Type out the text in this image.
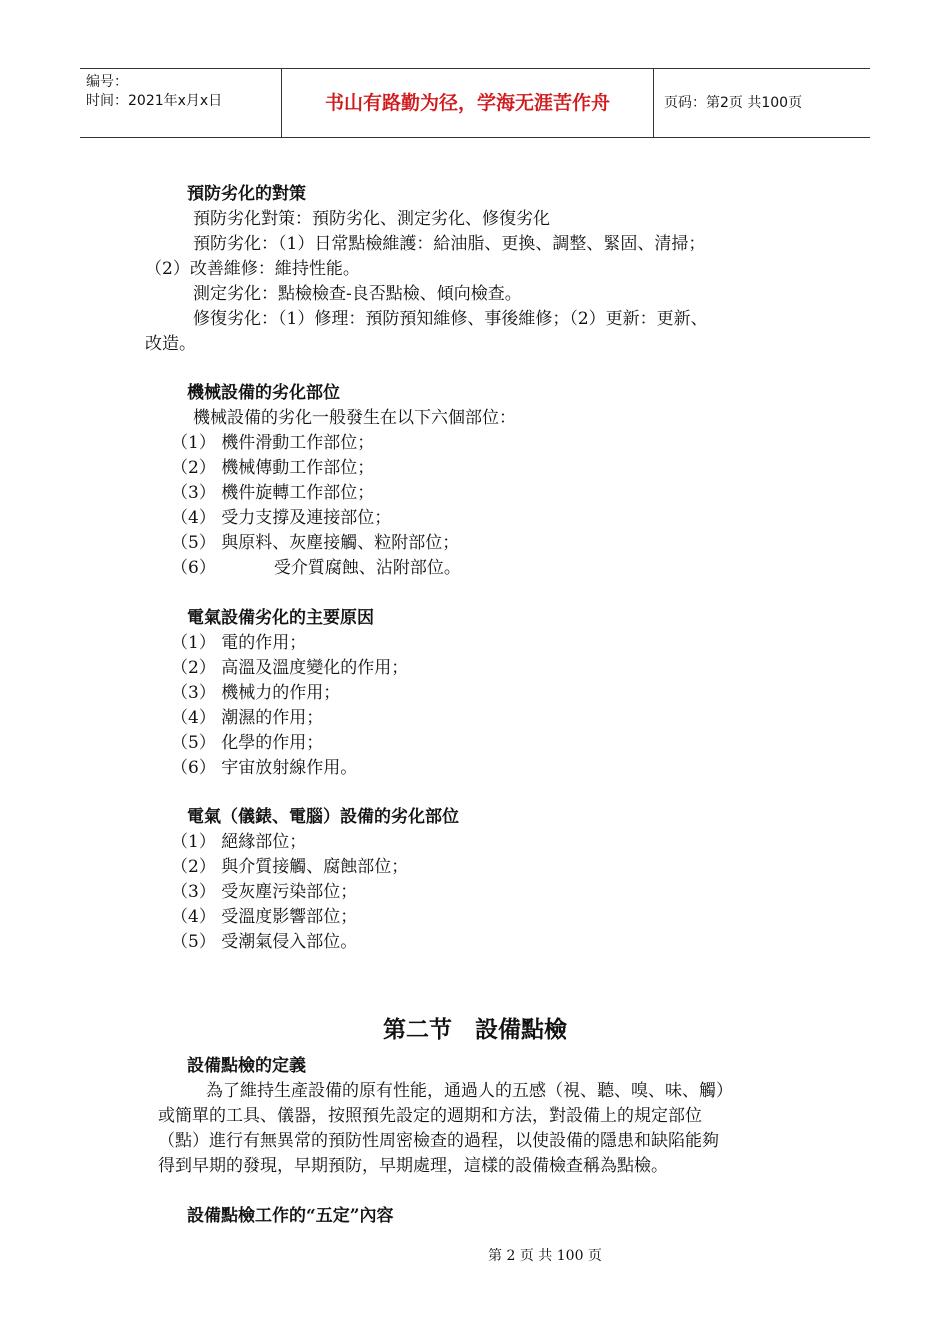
编号：
时间：2021年x月x日	书山有路勤为径，学海无涯苦作舟	页码：第2页 共100页
預防劣化的對策
預防劣化對策：預防劣化、測定劣化、修復劣化
預防劣化：（1）日常點檢維護：給油脂、更換、調整、緊固、清掃；
（2）改善維修：維持性能。
測定劣化：點檢檢查-良否點檢、傾向檢查。
修復劣化：（1）修理：預防預知維修、事後維修；（2）更新：更新、
改造。
機械設備的劣化部位
機械設備的劣化一般發生在以下六個部位：
（1） 機件滑動工作部位；
（2） 機械傳動工作部位；
（3） 機件旋轉工作部位；
（4） 受力支撐及連接部位；
（5） 與原料、灰塵接觸、粒附部位；
（6）	受介質腐蝕、沾附部位。
電氣設備劣化的主要原因
（1） 電的作用；
（2） 高溫及溫度變化的作用；
（3） 機械力的作用；
（4） 潮濕的作用；
（5） 化學的作用；
（6） 宇宙放射線作用。
電氣（儀錶、電腦）設備的劣化部位
（1） 絕緣部位；
（2） 與介質接觸、腐蝕部位；
（3） 受灰塵污染部位；
（4） 受溫度影響部位；
（5） 受潮氣侵入部位。
第二节　設備點檢
設備點檢的定義
為了維持生產設備的原有性能，通過人的五感（視、聽、嗅、味、觸）
或簡單的工具、儀器，按照預先設定的週期和方法，對設備上的規定部位
（點）進行有無異常的預防性周密檢查的過程，以使設備的隱患和缺陷能夠
得到早期的發現，早期預防，早期處理，這樣的設備檢查稱為點檢。
設備點檢工作的“五定”內容
第 2 页 共 100 页
